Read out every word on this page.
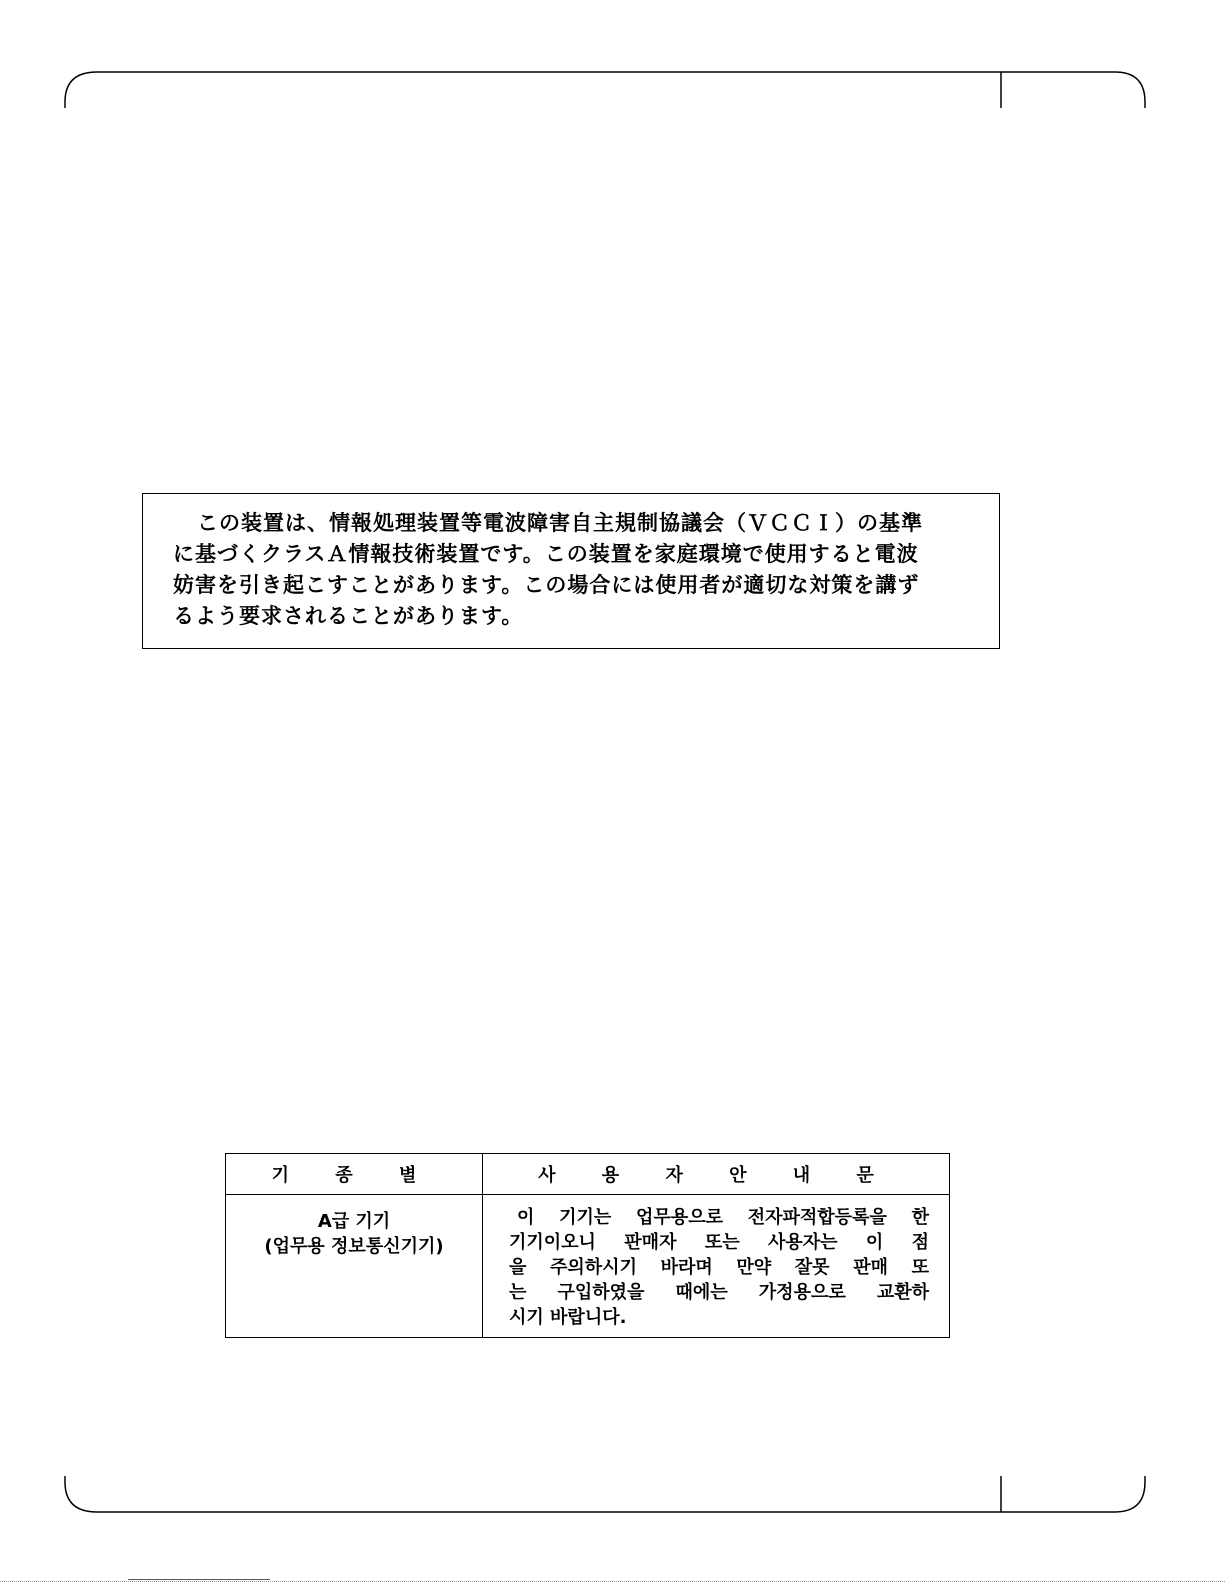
この装置は、情報処理装置等電波障害自主規制協議会（ＶＣＣＩ）の基準
に基づくクラスＡ情報技術装置です。この装置を家庭環境で使用すると電波
妨害を引き起こすことがあります。この場合には使用者が適切な対策を講ず
るよう要求されることがあります。
기 종 별	사 용 자 안 내 문

A급 기기
(업무용 정보통신기기)	이 기기는 업무용으로 전자파적합등록을 한
기기이오니 판매자 또는 사용자는 이 점
을 주의하시기 바라며 만약 잘못 판매 또
는 구입하였을 때에는 가정용으로 교환하
시기 바랍니다.
